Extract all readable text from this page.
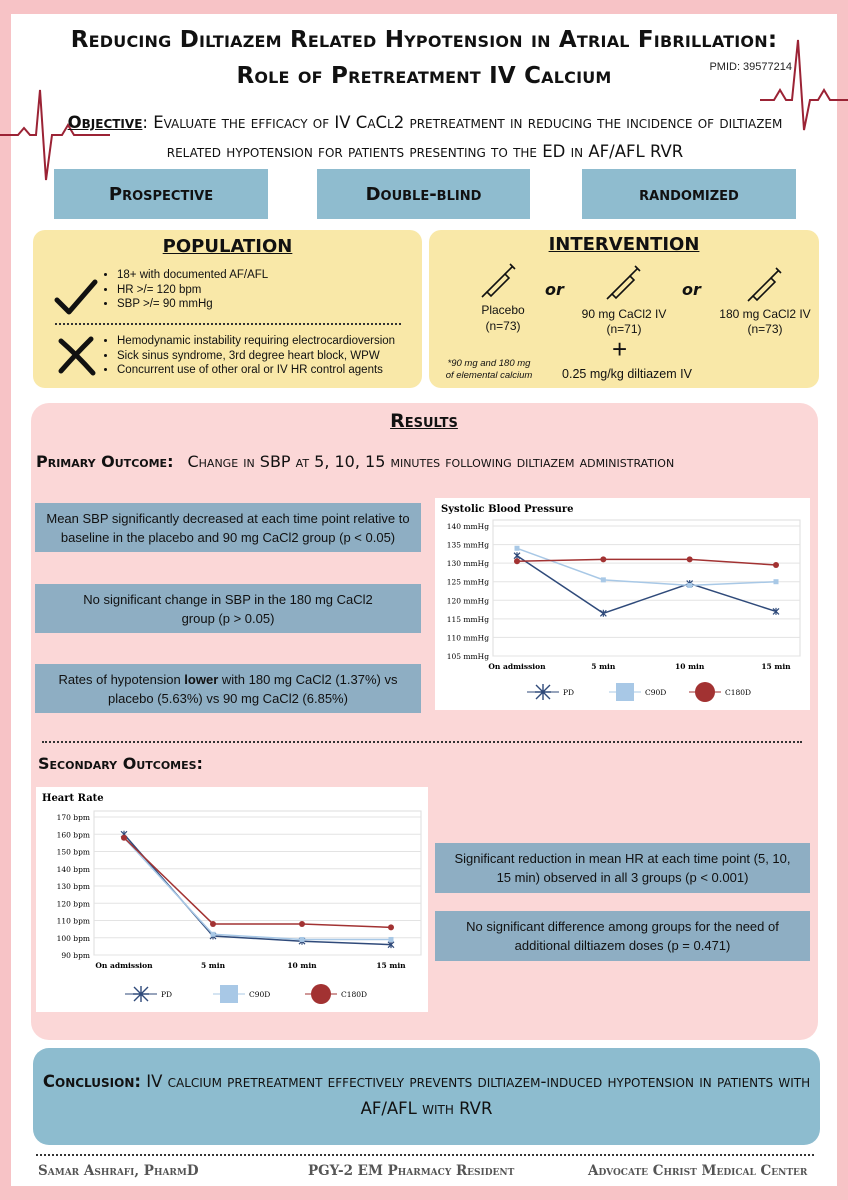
Reducing Diltiazem Related Hypotension in Atrial Fibrillation:
Role of Pretreatment IV Calcium	PMID: 39577214
Objective: Evaluate the efficacy of IV CaCl2 pretreatment in reducing the incidence of diltiazem related hypotension for patients presenting to the ED in AF/AFL RVR
Prospective	Double-blind	randomized
POPULATION
• 18+ with documented AF/AFL
• HR >/= 120 bpm
• SBP >/= 90 mmHg
• Hemodynamic instability requiring electrocardioversion
• Sick sinus syndrome, 3rd degree heart block, WPW
• Concurrent use of other oral or IV HR control agents
INTERVENTION
Placebo
(n=73)
or
90 mg CaCl2 IV
(n=71)
or
180 mg CaCl2 IV
(n=73)
+
*90 mg and 180 mg
of elemental calcium	0.25 mg/kg diltiazem IV
Results
Primary Outcome: Change in SBP at 5, 10, 15 minutes following diltiazem administration
Mean SBP significantly decreased at each time point relative to baseline in the placebo and 90 mg CaCl2 group (p < 0.05)
No significant change in SBP in the 180 mg CaCl2 group (p > 0.05)
Rates of hypotension lower with 180 mg CaCl2 (1.37%) vs placebo (5.63%) vs 90 mg CaCl2 (6.85%)
Systolic Blood Pressure
105 mmHg
110 mmHg
115 mmHg
120 mmHg
125 mmHg
130 mmHg
135 mmHg
140 mmHg
On admission	5 min	10 min	15 min
PD	C90D	C180D
Secondary Outcomes:
Heart Rate
90 bpm
100 bpm
110 bpm
120 bpm
130 bpm
140 bpm
150 bpm
160 bpm
170 bpm
On admission	5 min	10 min	15 min
PD	C90D	C180D
Significant reduction in mean HR at each time point (5, 10, 15 min) observed in all 3 groups (p < 0.001)
No significant difference among groups for the need of additional diltiazem doses (p = 0.471)
Conclusion: IV calcium pretreatment effectively prevents diltiazem-induced hypotension in patients with AF/AFL with RVR
Samar Ashrafi, PharmD	PGY-2 EM Pharmacy Resident	Advocate Christ Medical Center
